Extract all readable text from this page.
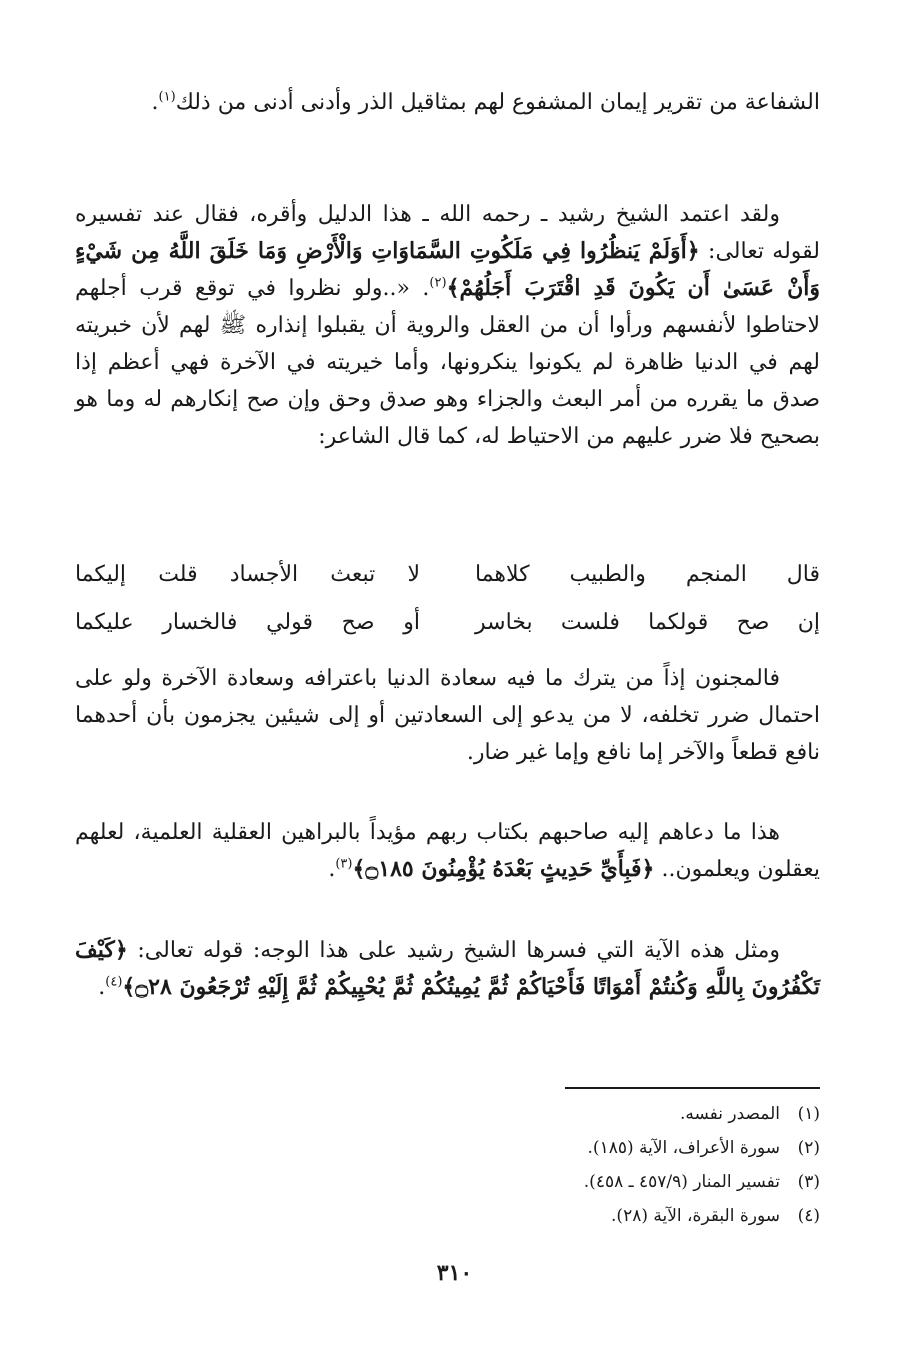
الشفاعة من تقرير إيمان المشفوع لهم بمثاقيل الذر وأدنى أدنى من ذلك$^{(١)}$.
ولقد اعتمد الشيخ رشيد ـ رحمه الله ـ هذا الدليل وأقره، فقال عند تفسيره لقوله تعالى: ﴿أَوَلَمْ يَنظُرُوا فِي مَلَكُوتِ السَّمَاوَاتِ وَالْأَرْضِ وَمَا خَلَقَ اللَّهُ مِن شَيْءٍ وَأَنْ عَسَىٰ أَن يَكُونَ قَدِ اقْتَرَبَ أَجَلُهُمْ﴾$^{(٢)}$. «..ولو نظروا في توقع قرب أجلهم لاحتاطوا لأنفسهم ورأوا أن من العقل والروية أن يقبلوا إنذاره ﷺ لهم لأن خبريته لهم في الدنيا ظاهرة لم يكونوا ينكرونها، وأما خيريته في الآخرة فهي أعظم إذا صدق ما يقرره من أمر البعث والجزاء وهو صدق وحق وإن صح إنكارهم له وما هو بصحيح فلا ضرر عليهم من الاحتياط له، كما قال الشاعر:
قال المنجم والطبيب كلاهما
لا تبعث الأجساد قلت إليكما
إن صح قولكما فلست بخاسر
أو صح قولي فالخسار عليكما
فالمجنون إذاً من يترك ما فيه سعادة الدنيا باعترافه وسعادة الآخرة ولو على احتمال ضرر تخلفه، لا من يدعو إلى السعادتين أو إلى شيئين يجزمون بأن أحدهما نافع قطعاً والآخر إما نافع وإما غير ضار.
هذا ما دعاهم إليه صاحبهم بكتاب ربهم مؤيداً بالبراهين العقلية العلمية، لعلهم يعقلون ويعلمون.. ﴿فَبِأَيِّ حَدِيثٍ بَعْدَهُ يُؤْمِنُونَ ۝١٨٥﴾$^{(٣)}$.
ومثل هذه الآية التي فسرها الشيخ رشيد على هذا الوجه: قوله تعالى: ﴿كَيْفَ تَكْفُرُونَ بِاللَّهِ وَكُنتُمْ أَمْوَاتًا فَأَحْيَاكُمْ ثُمَّ يُمِيتُكُمْ ثُمَّ يُحْيِيكُمْ ثُمَّ إِلَيْهِ تُرْجَعُونَ ۝٢٨﴾$^{(٤)}$.
(١)المصدر نفسه.
(٢)سورة الأعراف، الآية (١٨٥).
(٣)تفسير المنار (٤٥٧/٩ ـ ٤٥٨).
(٤)سورة البقرة، الآية (٢٨).
٣١٠
